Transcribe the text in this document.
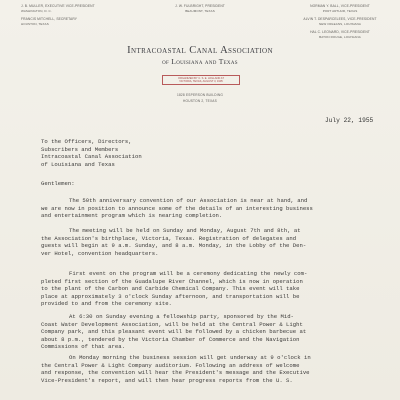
J. B. MULLER, EXECUTIVE VICE-PRESIDENT
WASHINGTON, D. C.
FRANCIS MITCHELL, SECRETARY
HOUSTON, TEXAS
J. W. FULBRIGHT, PRESIDENT
BEAUMONT, TEXAS
NORMAN Y. BALL, VICE-PRESIDENT
PORT ARTHUR, TEXAS
ALVIN T. DESPARCELEES, VICE-PRESIDENT
NEW ORLEANS, LOUISIANA
HAL C. LEONARD, VICE-PRESIDENT
BATON ROUGE, LOUISIANA
Intracoastal Canal Association
of Louisiana and Texas
ORGANIZED BY C. S. E. HOLLAND AT
VICTORIA, TEXAS, AUGUST 3, 1905
1828 ESPERSON BUILDING
HOUSTON 2, TEXAS
July 22, 1955
To the Officers, Directors,
Subscribers and Members
Intracoastal Canal Association
of Louisiana and Texas
Gentlemen:
The 50th anniversary convention of our Association is near at hand, and
we are now in position to announce some of the details of an interesting business
and entertainment program which is nearing completion.
The meeting will be held on Sunday and Monday, August 7th and 8th, at
the Association's birthplace, Victoria, Texas. Registration of delegates and
guests will begin at 9 a.m. Sunday, and 8 a.m. Monday, in the Lobby of the Den-
ver Hotel, convention headquarters.
First event on the program will be a ceremony dedicating the newly com-
pleted first section of the Guadalupe River Channel, which is now in operation
to the plant of the Carbon and Carbide Chemical Company. This event will take
place at approximately 3 o'clock Sunday afternoon, and transportation will be
provided to and from the ceremony site.
At 6:30 on Sunday evening a fellowship party, sponsored by the Mid-
Coast Water Development Association, will be held at the Central Power & Light
Company park, and this pleasant event will be followed by a chicken barbecue at
about 8 p.m., tendered by the Victoria Chamber of Commerce and the Navigation
Commissions of that area.
On Monday morning the business session will get underway at 9 o'clock in
the Central Power & Light Company auditorium. Following an address of welcome
and response, the convention will hear the President's message and the Executive
Vice-President's report, and will then hear progress reports from the U. S.
